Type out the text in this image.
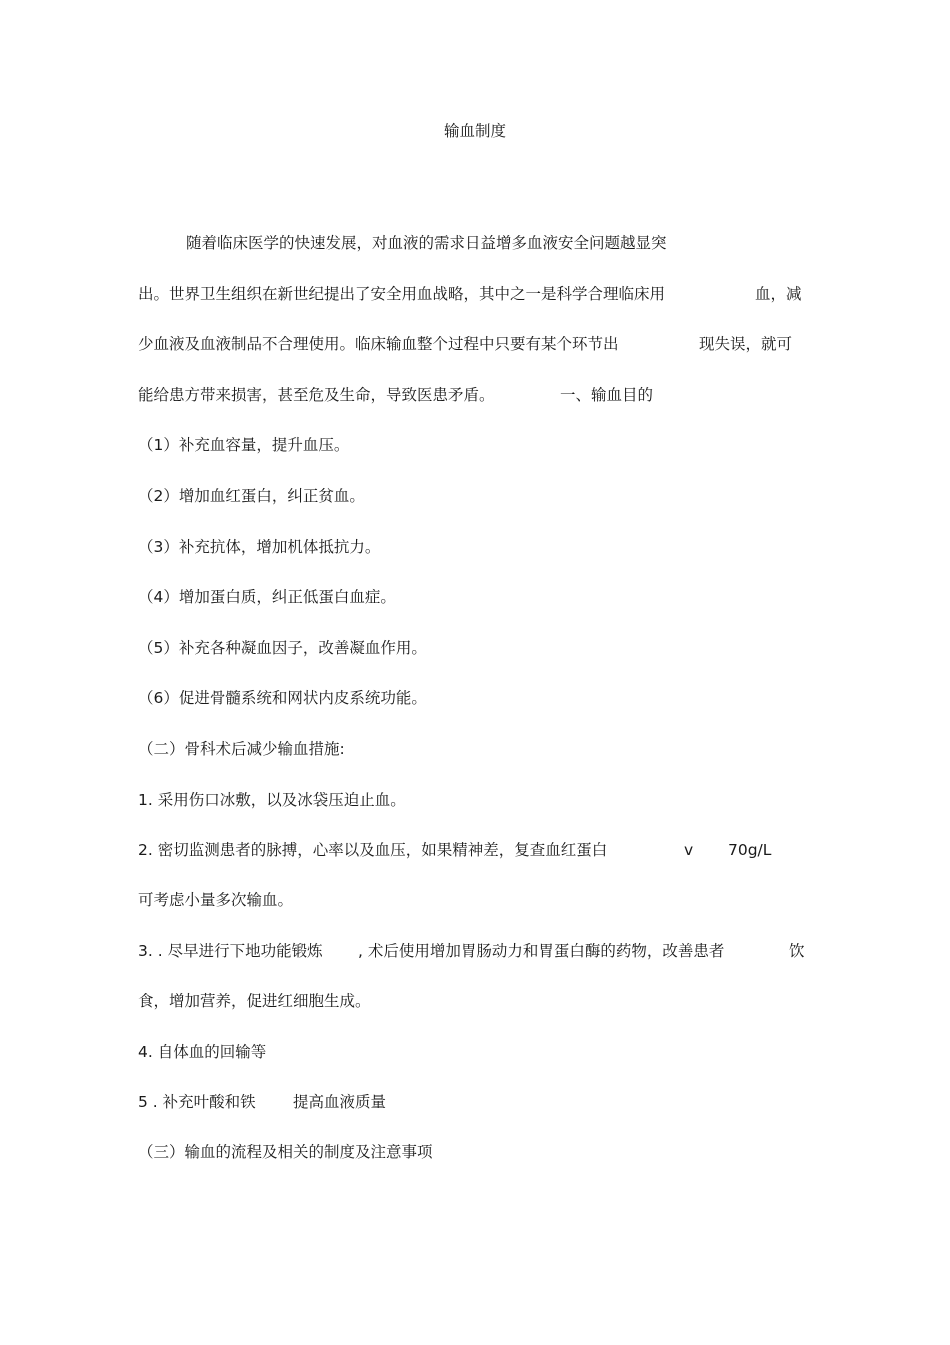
输血制度
随着临床医学的快速发展，对血液的需求日益增多血液安全问题越显突
出。世界卫生组织在新世纪提出了安全用血战略，其中之一是科学合理临床用	血，减
少血液及血液制品不合理使用。临床输血整个过程中只要有某个环节出	现失误，就可
能给患方带来损害，甚至危及生命，导致医患矛盾。	一、输血目的
（1）补充血容量，提升血压。
（2）增加血红蛋白，纠正贫血。
（3）补充抗体，增加机体抵抗力。
（4）增加蛋白质，纠正低蛋白血症。
（5）补充各种凝血因子，改善凝血作用。
（6）促进骨髓系统和网状内皮系统功能。
（二）骨科术后减少输血措施:
1. 采用伤口冰敷，以及冰袋压迫止血。
2. 密切监测患者的脉搏，心率以及血压，如果精神差，复查血红蛋白	v 70g/L
可考虑小量多次输血。
3. . 尽早进行下地功能锻炼 , 术后使用增加胃肠动力和胃蛋白酶的药物，改善患者	饮
食，增加营养，促进红细胞生成。
4. 自体血的回输等
5 . 补充叶酸和铁 提高血液质量
（三）输血的流程及相关的制度及注意事项
